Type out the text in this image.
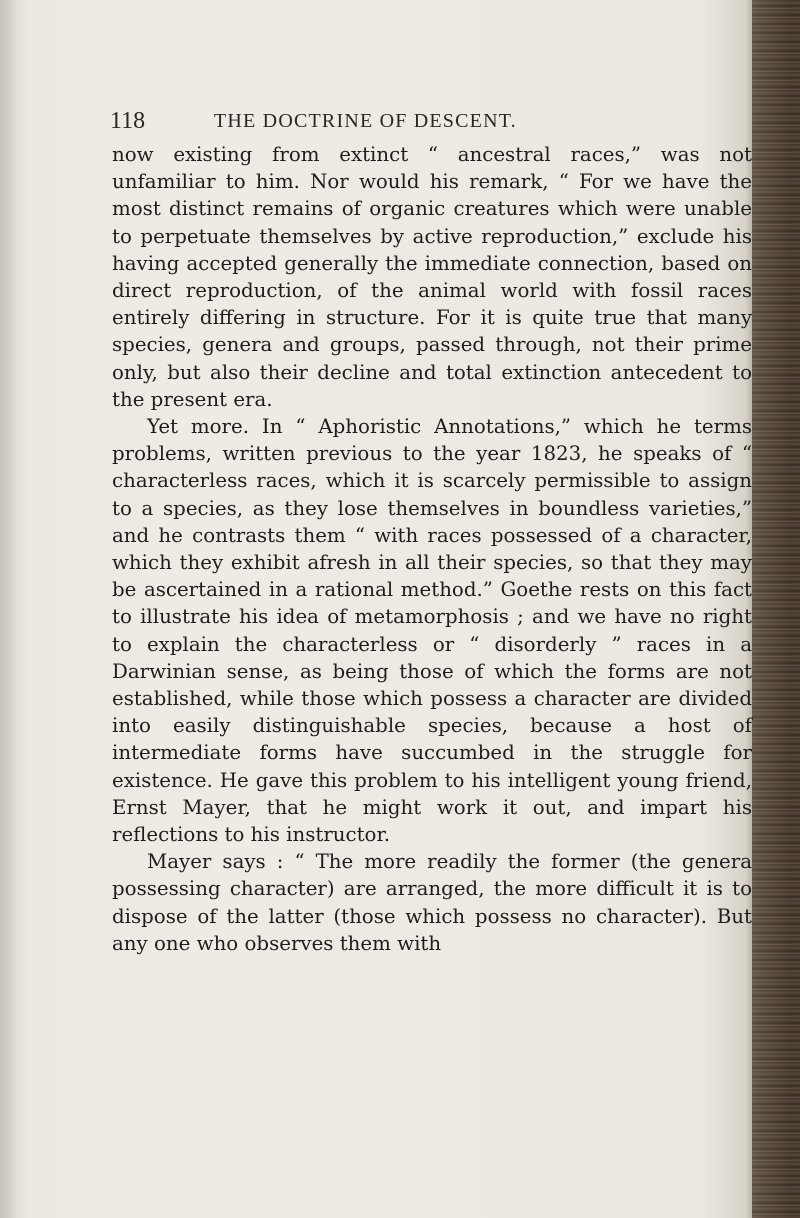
118	THE DOCTRINE OF DESCENT.

now existing from extinct “ ancestral races,” was not unfamiliar to him. Nor would his remark, “ For we have the most distinct remains of organic creatures which were unable to perpetuate themselves by active reproduction,” exclude his having accepted generally the immediate connection, based on direct reproduction, of the animal world with fossil races entirely differing in structure. For it is quite true that many species, genera and groups, passed through, not their prime only, but also their decline and total extinction antecedent to the present era.

Yet more. In “ Aphoristic Annotations,” which he terms problems, written previous to the year 1823, he speaks of “ characterless races, which it is scarcely permissible to assign to a species, as they lose themselves in boundless varieties,” and he contrasts them “ with races possessed of a character, which they exhibit afresh in all their species, so that they may be ascertained in a rational method.” Goethe rests on this fact to illustrate his idea of metamorphosis ; and we have no right to explain the characterless or “ disorderly ” races in a Darwinian sense, as being those of which the forms are not established, while those which possess a character are divided into easily distinguishable species, because a host of intermediate forms have succumbed in the struggle for existence. He gave this problem to his intelligent young friend, Ernst Mayer, that he might work it out, and impart his reflections to his instructor.

Mayer says : “ The more readily the former (the genera possessing character) are arranged, the more difficult it is to dispose of the latter (those which possess no character). But any one who observes them with
